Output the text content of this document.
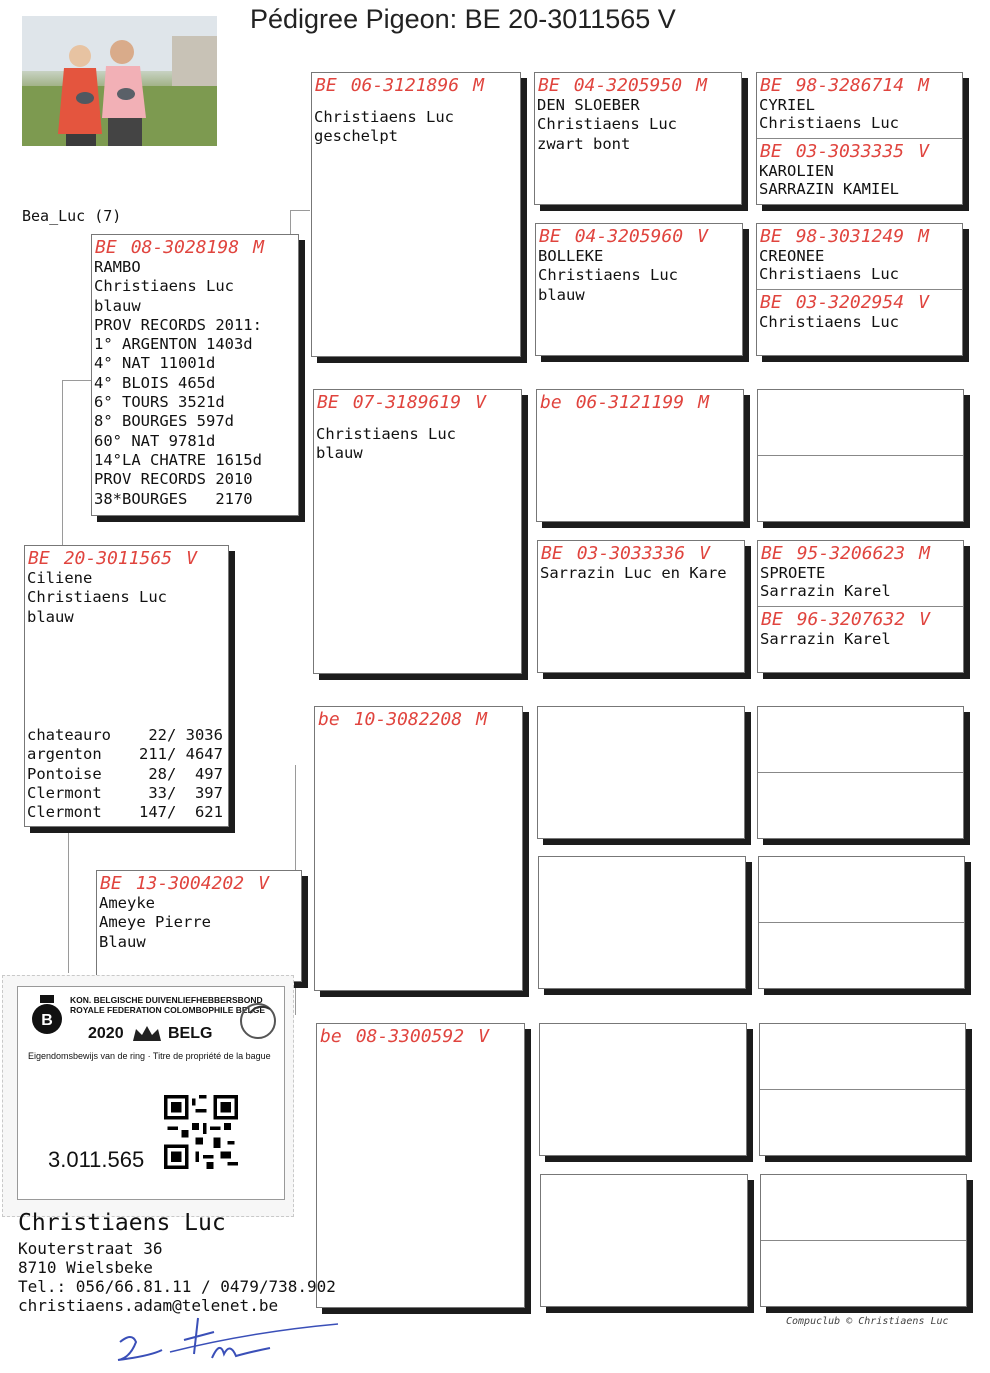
Pédigree Pigeon: BE 20-3011565 V
Bea_Luc (7)
BE 20-3011565 V
Ciliene
Christiaens Luc
blauw
chateauro    22/ 3036
argenton    211/ 4647
Pontoise     28/  497
Clermont     33/  397
Clermont    147/  621
BE 08-3028198 M
RAMBO
Christiaens Luc
blauw
PROV RECORDS 2011:
1° ARGENTON 1403d
4° NAT 11001d
4° BLOIS 465d
6° TOURS 3521d
8° BOURGES 597d
60° NAT 9781d
14°LA CHATRE 1615d
PROV RECORDS 2010
38*BOURGES   2170
BE 13-3004202 V
Ameyke
Ameye Pierre
Blauw
BE 06-3121896 M
Christiaens Luc
geschelpt
BE 07-3189619 V
Christiaens Luc
blauw
be 10-3082208 M
be 08-3300592 V
BE 04-3205950 M
DEN SLOEBER
Christiaens Luc
zwart bont
BE 04-3205960 V
BOLLEKE
Christiaens Luc
blauw
be 06-3121199 M
BE 03-3033336 V
Sarrazin Luc en Kare
BE 98-3286714 M
CYRIEL
Christiaens Luc
BE 03-3033335 V
KAROLIEN
SARRAZIN KAMIEL
BE 98-3031249 M
CREONEE
Christiaens Luc
BE 03-3202954 V
Christiaens Luc
BE 95-3206623 M
SPROETE
Sarrazin Karel
BE 96-3207632 V
Sarrazin Karel
B
KON. BELGISCHE DUIVENLIEFHEBBERSBOND
ROYALE FEDERATION COLOMBOPHILE BELGE
2020	BELG
Eigendomsbewijs van de ring · Titre de propriété de la bague
3.011.565
Christiaens Luc
Kouterstraat 36
8710 Wielsbeke
Tel.: 056/66.81.11 / 0479/738.902
christiaens.adam@telenet.be
Compuclub © Christiaens Luc
